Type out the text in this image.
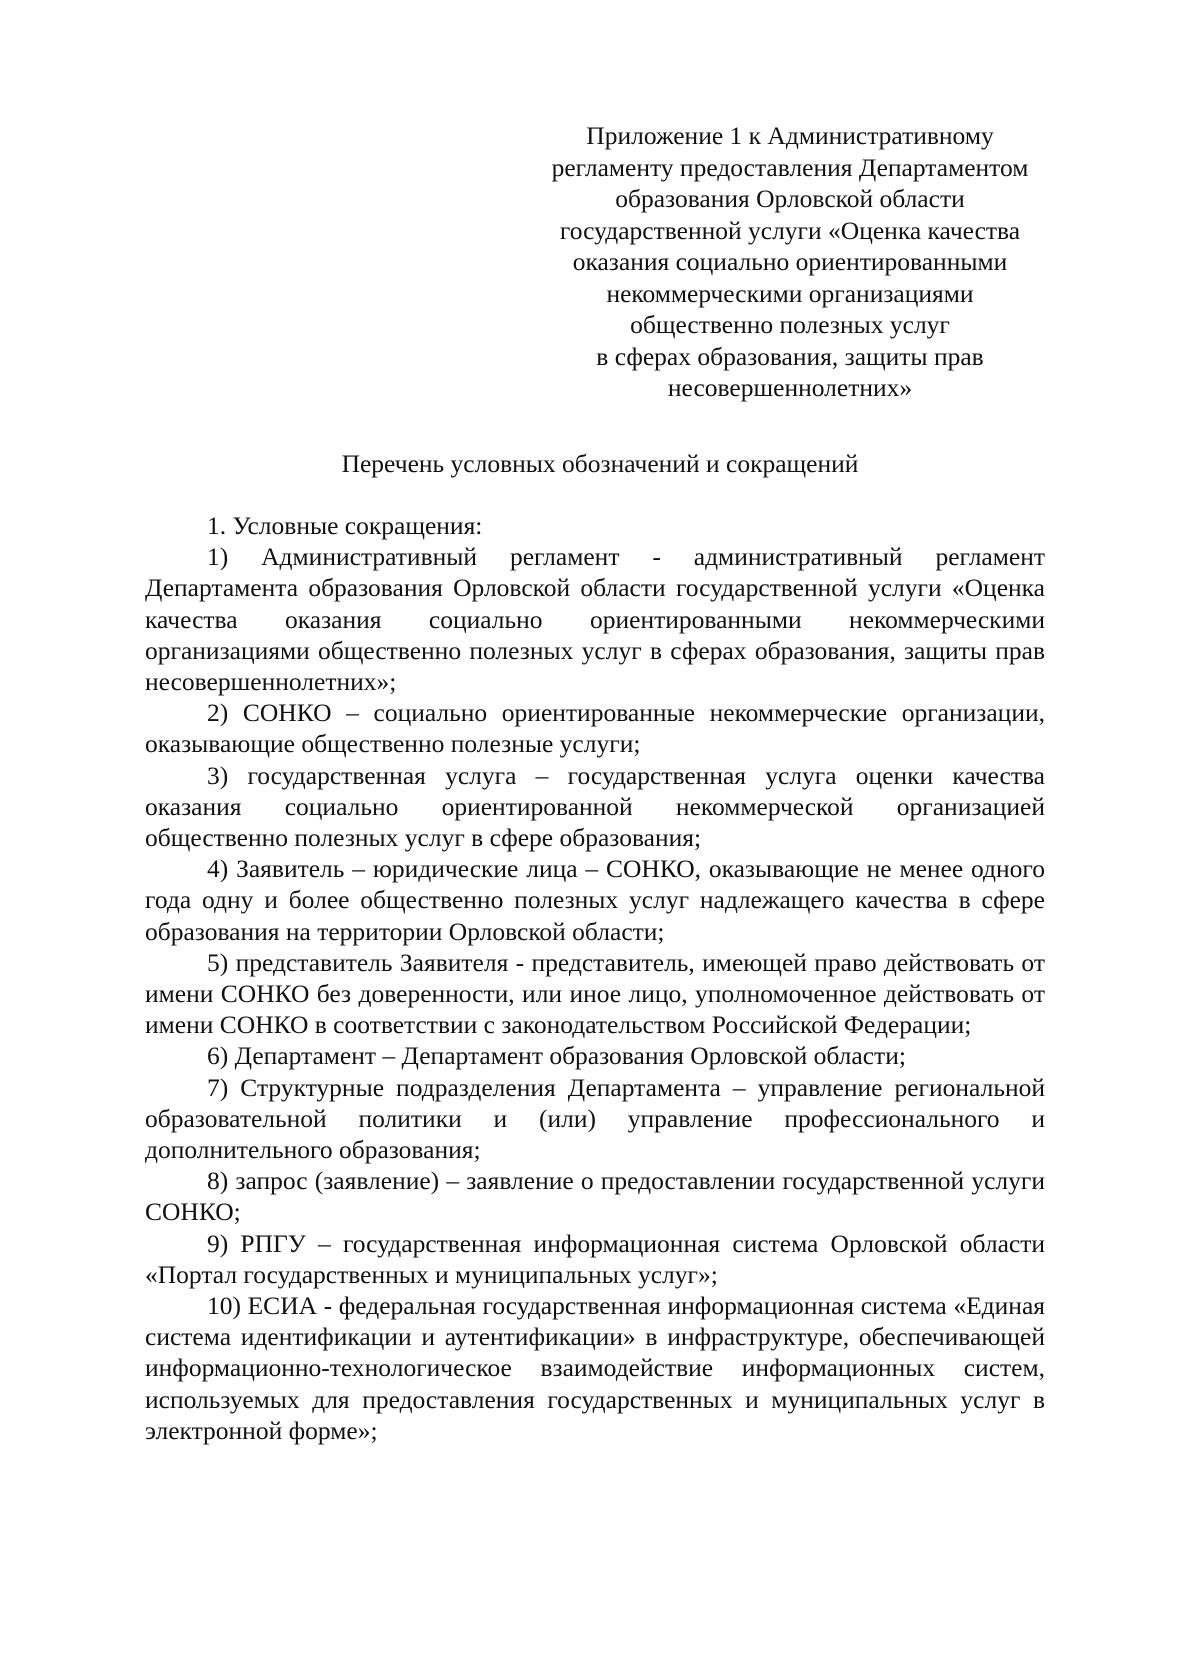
Приложение 1 к Административному
регламенту предоставления Департаментом
образования Орловской области
государственной услуги «Оценка качества
оказания социально ориентированными
некоммерческими организациями
общественно полезных услуг
в сферах образования, защиты прав
несовершеннолетних»
Перечень условных обозначений и сокращений

1. Условные сокращения:

1) Административный регламент - административный регламент Департамента образования Орловской области государственной услуги «Оценка качества оказания социально ориентированными некоммерческими организациями общественно полезных услуг в сферах образования, защиты прав несовершеннолетних»;

2) СОНКО – социально ориентированные некоммерческие организации, оказывающие общественно полезные услуги;

3) государственная услуга – государственная услуга оценки качества оказания социально ориентированной некоммерческой организацией общественно полезных услуг в сфере образования;

4) Заявитель – юридические лица – СОНКО, оказывающие не менее одного года одну и более общественно полезных услуг надлежащего качества в сфере образования на территории Орловской области;

5) представитель Заявителя - представитель, имеющей право действовать от имени СОНКО без доверенности, или иное лицо, уполномоченное действовать от имени СОНКО в соответствии с законодательством Российской Федерации;

6) Департамент – Департамент образования Орловской области;

7) Структурные подразделения Департамента – управление региональной образовательной политики и (или) управление профессионального и дополнительного образования;

8) запрос (заявление) – заявление о предоставлении государственной услуги СОНКО;

9) РПГУ – государственная информационная система Орловской области «Портал государственных и муниципальных услуг»;

10) ЕСИА - федеральная государственная информационная система «Единая система идентификации и аутентификации» в инфраструктуре, обеспечивающей информационно-технологическое взаимодействие информационных систем, используемых для предоставления государственных и муниципальных услуг в электронной форме»;
